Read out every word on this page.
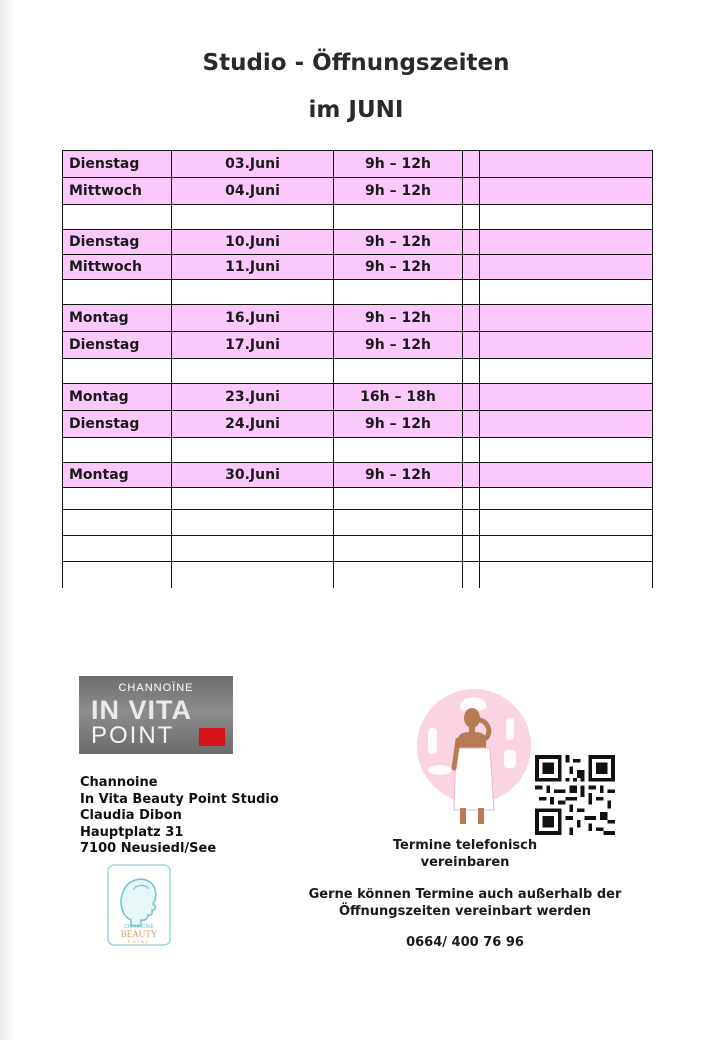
Studio - Öffnungszeiten
im JUNI
Dienstag	03.Juni	9h – 12h		
Mittwoch	04.Juni	9h – 12h		

Dienstag	10.Juni	9h – 12h		
Mittwoch	11.Juni	9h – 12h		

Montag	16.Juni	9h – 12h		
Dienstag	17.Juni	9h – 12h		

Montag	23.Juni	16h – 18h		
Dienstag	24.Juni	9h – 12h		

Montag	30.Juni	9h – 12h		

CHANNOÏNE
IN VITA
POINT
Channoine
In Vita Beauty Point Studio
Claudia Dibon
Hauptplatz 31
7100 Neusiedl/See
CHANNOÏNE
BEAUTY
POINT
Termine telefonisch
vereinbaren
Gerne können Termine auch außerhalb der
Öffnungszeiten vereinbart werden
0664/ 400 76 96
